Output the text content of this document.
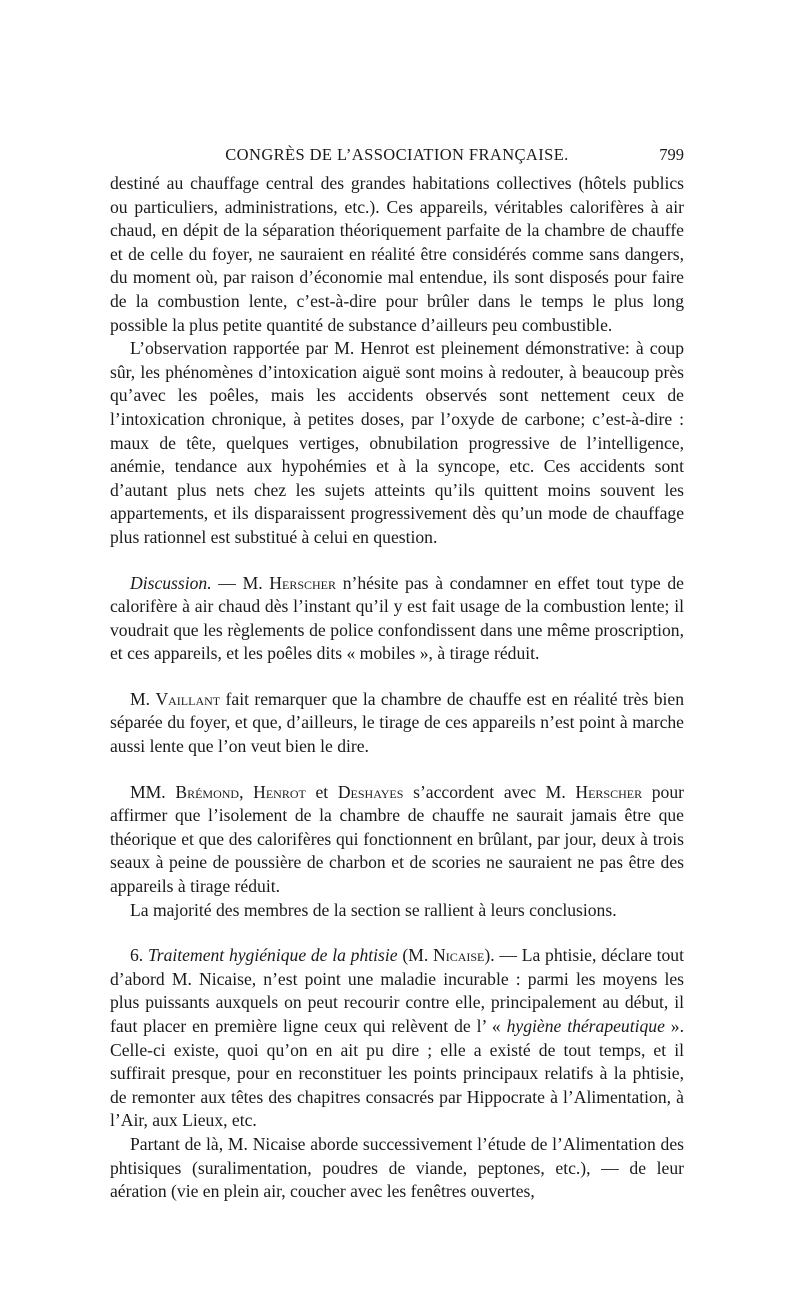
CONGRÈS DE L’ASSOCIATION FRANÇAISE.	799

destiné au chauffage central des grandes habitations collectives (hôtels publics ou particuliers, administrations, etc.). Ces appareils, véritables calorifères à air chaud, en dépit de la séparation théoriquement parfaite de la chambre de chauffe et de celle du foyer, ne sauraient en réalité être considérés comme sans dangers, du moment où, par raison d’économie mal entendue, ils sont disposés pour faire de la combustion lente, c’est-à-dire pour brûler dans le temps le plus long possible la plus petite quantité de substance d’ailleurs peu combustible.

L’observation rapportée par M. Henrot est pleinement démonstrative: à coup sûr, les phénomènes d’intoxication aiguë sont moins à redouter, à beaucoup près qu’avec les poêles, mais les accidents observés sont nettement ceux de l’intoxication chronique, à petites doses, par l’oxyde de carbone; c’est-à-dire : maux de tête, quelques vertiges, obnubilation progressive de l’intelligence, anémie, tendance aux hypohémies et à la syncope, etc. Ces accidents sont d’autant plus nets chez les sujets atteints qu’ils quittent moins souvent les appartements, et ils disparaissent progressivement dès qu’un mode de chauffage plus rationnel est substitué à celui en question.

Discussion. — M. Herscher n’hésite pas à condamner en effet tout type de calorifère à air chaud dès l’instant qu’il y est fait usage de la combustion lente; il voudrait que les règlements de police confondissent dans une même proscription, et ces appareils, et les poêles dits « mobiles », à tirage réduit.

M. Vaillant fait remarquer que la chambre de chauffe est en réalité très bien séparée du foyer, et que, d’ailleurs, le tirage de ces appareils n’est point à marche aussi lente que l’on veut bien le dire.

MM. Brémond, Henrot et Deshayes s’accordent avec M. Herscher pour affirmer que l’isolement de la chambre de chauffe ne saurait jamais être que théorique et que des calorifères qui fonctionnent en brûlant, par jour, deux à trois seaux à peine de poussière de charbon et de scories ne sauraient ne pas être des appareils à tirage réduit.

La majorité des membres de la section se rallient à leurs conclusions.

6. Traitement hygiénique de la phtisie (M. Nicaise). — La phtisie, déclare tout d’abord M. Nicaise, n’est point une maladie incurable : parmi les moyens les plus puissants auxquels on peut recourir contre elle, principalement au début, il faut placer en première ligne ceux qui relèvent de l’ « hygiène thérapeutique ». Celle-ci existe, quoi qu’on en ait pu dire ; elle a existé de tout temps, et il suffirait presque, pour en reconstituer les points principaux relatifs à la phtisie, de remonter aux têtes des chapitres consacrés par Hippocrate à l’Alimentation, à l’Air, aux Lieux, etc.

Partant de là, M. Nicaise aborde successivement l’étude de l’Alimentation des phtisiques (suralimentation, poudres de viande, peptones, etc.), — de leur aération (vie en plein air, coucher avec les fenêtres ouvertes,
